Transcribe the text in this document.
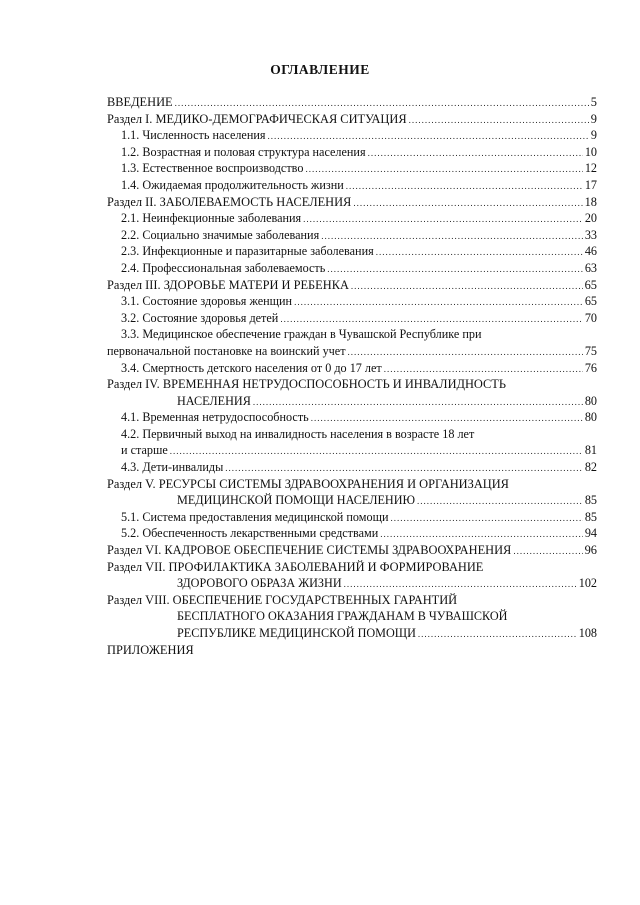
ОГЛАВЛЕНИЕ
ВВЕДЕНИЕ .....	5
Раздел I. МЕДИКО-ДЕМОГРАФИЧЕСКАЯ СИТУАЦИЯ .....	9
1.1. Численность населения .....	9
1.2. Возрастная и половая структура населения .....	10
1.3. Естественное воспроизводство .....	12
1.4. Ожидаемая продолжительность жизни .....	17
Раздел II. ЗАБОЛЕВАЕМОСТЬ НАСЕЛЕНИЯ .....	18
2.1. Неинфекционные заболевания .....	20
2.2. Социально значимые заболевания .....	33
2.3. Инфекционные и паразитарные заболевания .....	46
2.4. Профессиональная заболеваемость .....	63
Раздел III. ЗДОРОВЬЕ МАТЕРИ И РЕБЕНКА .....	65
3.1. Состояние здоровья женщин .....	65
3.2. Состояние здоровья детей .....	70
3.3. Медицинское обеспечение граждан в Чувашской Республике при
первоначальной постановке на воинский учет .....	75
3.4. Смертность детского населения от 0 до 17 лет .....	76
Раздел IV. ВРЕМЕННАЯ НЕТРУДОСПОСОБНОСТЬ И ИНВАЛИДНОСТЬ
НАСЕЛЕНИЯ .....	80
4.1. Временная нетрудоспособность .....	80
4.2. Первичный выход на инвалидность населения в возрасте 18 лет
и старше .....	81
4.3. Дети-инвалиды .....	82
Раздел V. РЕСУРСЫ СИСТЕМЫ ЗДРАВООХРАНЕНИЯ И ОРГАНИЗАЦИЯ
МЕДИЦИНСКОЙ ПОМОЩИ НАСЕЛЕНИЮ .....	85
5.1. Система предоставления медицинской помощи .....	85
5.2. Обеспеченность лекарственными средствами .....	94
Раздел VI. КАДРОВОЕ ОБЕСПЕЧЕНИЕ СИСТЕМЫ ЗДРАВООХРАНЕНИЯ .....	96
Раздел VII. ПРОФИЛАКТИКА ЗАБОЛЕВАНИЙ И ФОРМИРОВАНИЕ
ЗДОРОВОГО ОБРАЗА ЖИЗНИ .....	102
Раздел VIII. ОБЕСПЕЧЕНИЕ ГОСУДАРСТВЕННЫХ ГАРАНТИЙ
БЕСПЛАТНОГО ОКАЗАНИЯ ГРАЖДАНАМ В ЧУВАШСКОЙ
РЕСПУБЛИКЕ МЕДИЦИНСКОЙ ПОМОЩИ .....	108
ПРИЛОЖЕНИЯ
